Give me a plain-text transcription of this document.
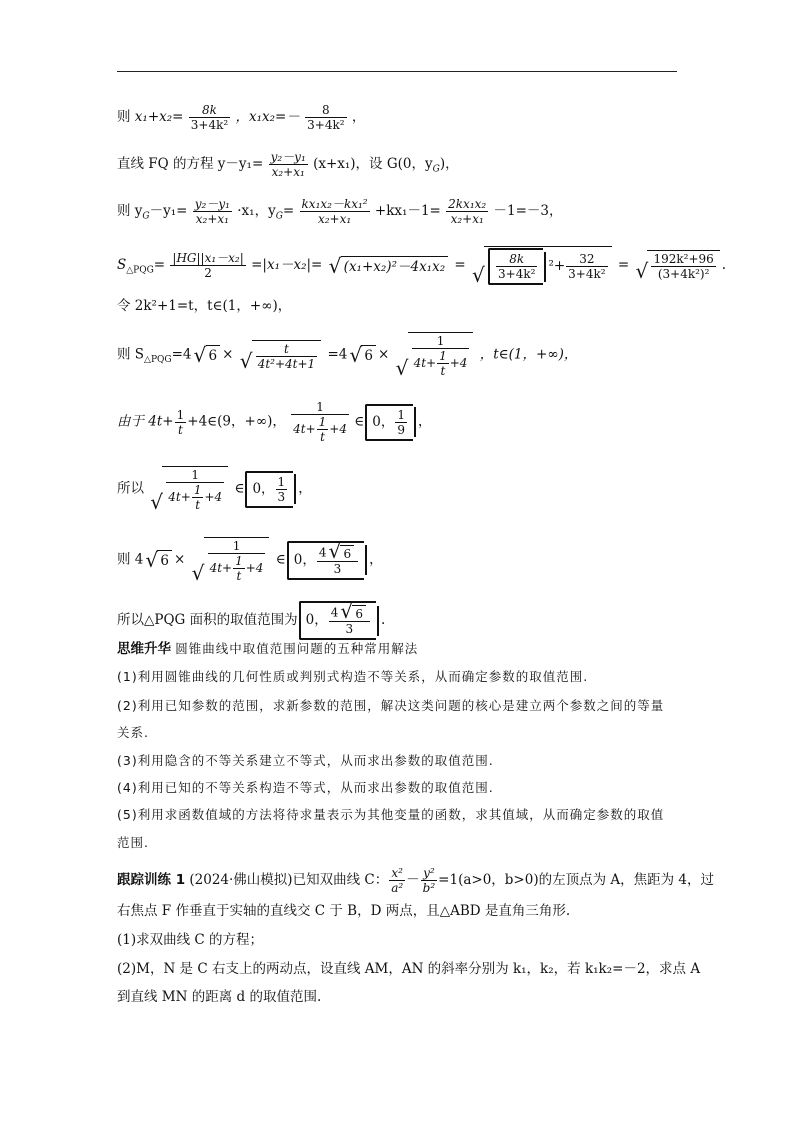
则 $x_1+x_2= \frac{8k}{\text{3+4k²}}$ ，$x_1x_2=- \frac{8}{\text{3+4k²}}$ ，
直线 FQ 的方程 $y-y_1= \frac{\text{y₂－y₁}}{\text{x₂+x₁}} (x+x_1)$，设 G(0，$y_G$)，
则 $y_G-y_1= \frac{\text{y₂－y₁}}{\text{x₂+x₁}} \cdot x_1$，$y_G= \frac{\text{kx₁x₂－kx₁²}}{\text{x₂+x₁}} +kx_1-1= \frac{\text{2kx₁x₂}}{\text{x₂+x₁}} -1=-3$，
$S_{\triangle PQG}= \frac{\text{|HG||x₁－x₂|}}{2} =|x_1-x_2|=$ √ (x₁+x₂)²－4x₁x₂ =
√	$\frac{8k}{\text{3+4k²}} ^2+ \frac{32}{\text{3+4k²}}$ =
√ $\frac{\text{192k²+96}}{\text{(3+4k²)²}}$ .
令 2k²+1=t，t∈(1，+∞)，
则 $S_{\triangle PQG}=4√$ 6 ×
√ $\frac{t}{\text{4t²+4t+1}} =4√$ 6 ×
√ $\frac{1}{4t+ \frac{1}{t} +4}$ ，t∈(1，+∞)，
由于 $4t+ \frac{1}{t}$ +4∈(9，+∞)， $\frac{1}{4t+ \frac{1}{t} +4}$ ∈ 0， $\frac{1}{9}$ ，
所以
√ $\frac{1}{4t+ \frac{1}{t} +4}$ ∈ 0， $\frac{1}{3}$ ，
则 4√ 6 ×
√ $\frac{1}{4t+ \frac{1}{t} +4}$ ∈ 0， $\frac{4√ 6}{3}$ ，
所以△PQG 面积的取值范围为 0， $\frac{4√ 6}{3}$ .
思维升华 圆锥曲线中取值范围问题的五种常用解法
(1)利用圆锥曲线的几何性质或判别式构造不等关系，从而确定参数的取值范围.
(2)利用已知参数的范围，求新参数的范围，解决这类问题的核心是建立两个参数之间的等量
关系.
(3)利用隐含的不等关系建立不等式，从而求出参数的取值范围.
(4)利用已知的不等关系构造不等式，从而求出参数的取值范围.
(5)利用求函数值域的方法将待求量表示为其他变量的函数，求其值域，从而确定参数的取值
范围.
跟踪训练 1 (2024·佛山模拟)已知双曲线 C： $\frac{\text{x²}}{\text{a²}} - \frac{\text{y²}}{\text{b²}} =1(a>0$，b>0)的左顶点为 A，焦距为 4，过
右焦点 F 作垂直于实轴的直线交 C 于 B，D 两点，且△ABD 是直角三角形.
(1)求双曲线 C 的方程；
(2)M，N 是 C 右支上的两动点，设直线 AM，AN 的斜率分别为 k₁，k₂，若 k₁k₂=－2，求点 A
到直线 MN 的距离 d 的取值范围.
